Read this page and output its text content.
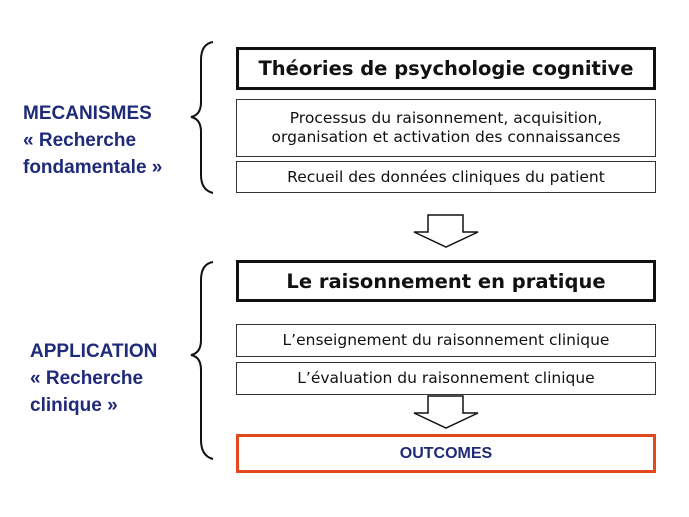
MECANISMES
« Recherche
fondamentale »
APPLICATION
« Recherche
clinique »
Théories de psychologie cognitive
Processus du raisonnement, acquisition,
organisation et activation des connaissances
Recueil des données cliniques du patient
Le raisonnement en pratique
L’enseignement du raisonnement clinique
L’évaluation du raisonnement clinique
OUTCOMES
